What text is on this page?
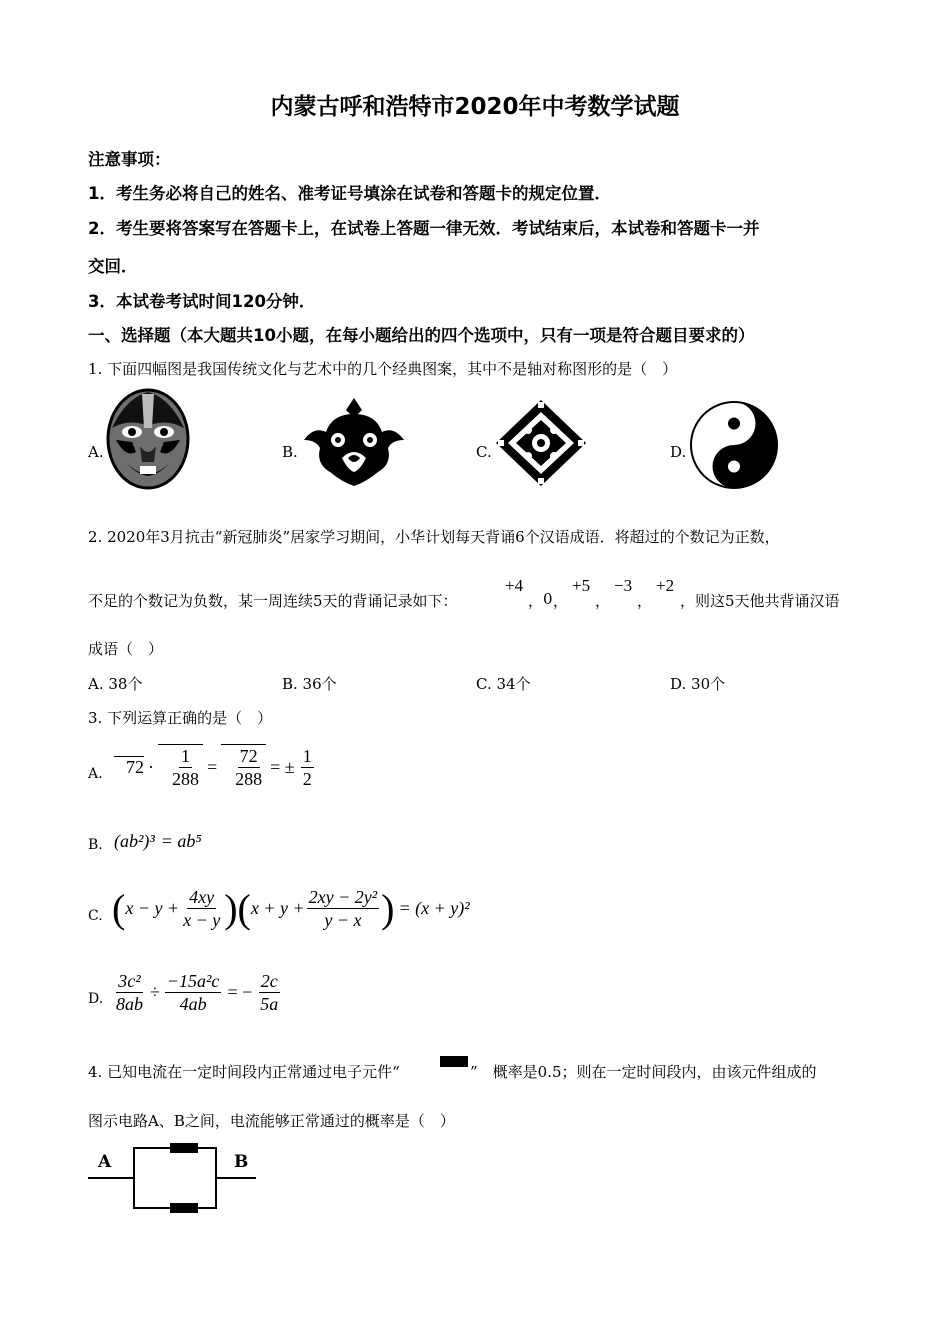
内蒙古呼和浩特市2020年中考数学试题
注意事项：
1．考生务必将自己的姓名、准考证号填涂在试卷和答题卡的规定位置．
2．考生要将答案写在答题卡上，在试卷上答题一律无效．考试结束后，本试卷和答题卡一并
交回．
3．本试卷考试时间120分钟．
一、选择题（本大题共10小题，在每小题给出的四个选项中，只有一项是符合题目要求的）
1. 下面四幅图是我国传统文化与艺术中的几个经典图案，其中不是轴对称图形的是（　）
A.	B.	C.	D.
2. 2020年3月抗击“新冠肺炎”居家学习期间，小华计划每天背诵6个汉语成语．将超过的个数记为正数，
不足的个数记为负数，某一周连续5天的背诵记录如下：
+4
， 0 ，
+5
，
−3
，
+2
，则这5天他共背诵汉语
成语（　）
A. 38个	B. 36个	C. 34个	D. 30个
3. 下列运算正确的是（　）
A.	$72 \cdot \frac{1}{288} = \frac{72}{288}$ = ± $\frac{1}{2}$
B. (ab²)³ = ab⁵
C. ( $x - y + \frac{4xy}{x - y}$ )( $x + y + \frac{\text{2xy − 2y²}}{y - x}$ ) = (x + y)²
D. $\frac{\text{3c²}}{8ab} \div \frac{\text{−15a²c}}{4ab}$ = − $\frac{2c}{5a}$
4. 已知电流在一定时间段内正常通过电子元件“	”　概率是0.5；则在一定时间段内，由该元件组成的
图示电路A、B之间，电流能够正常通过的概率是（　）
A	B
